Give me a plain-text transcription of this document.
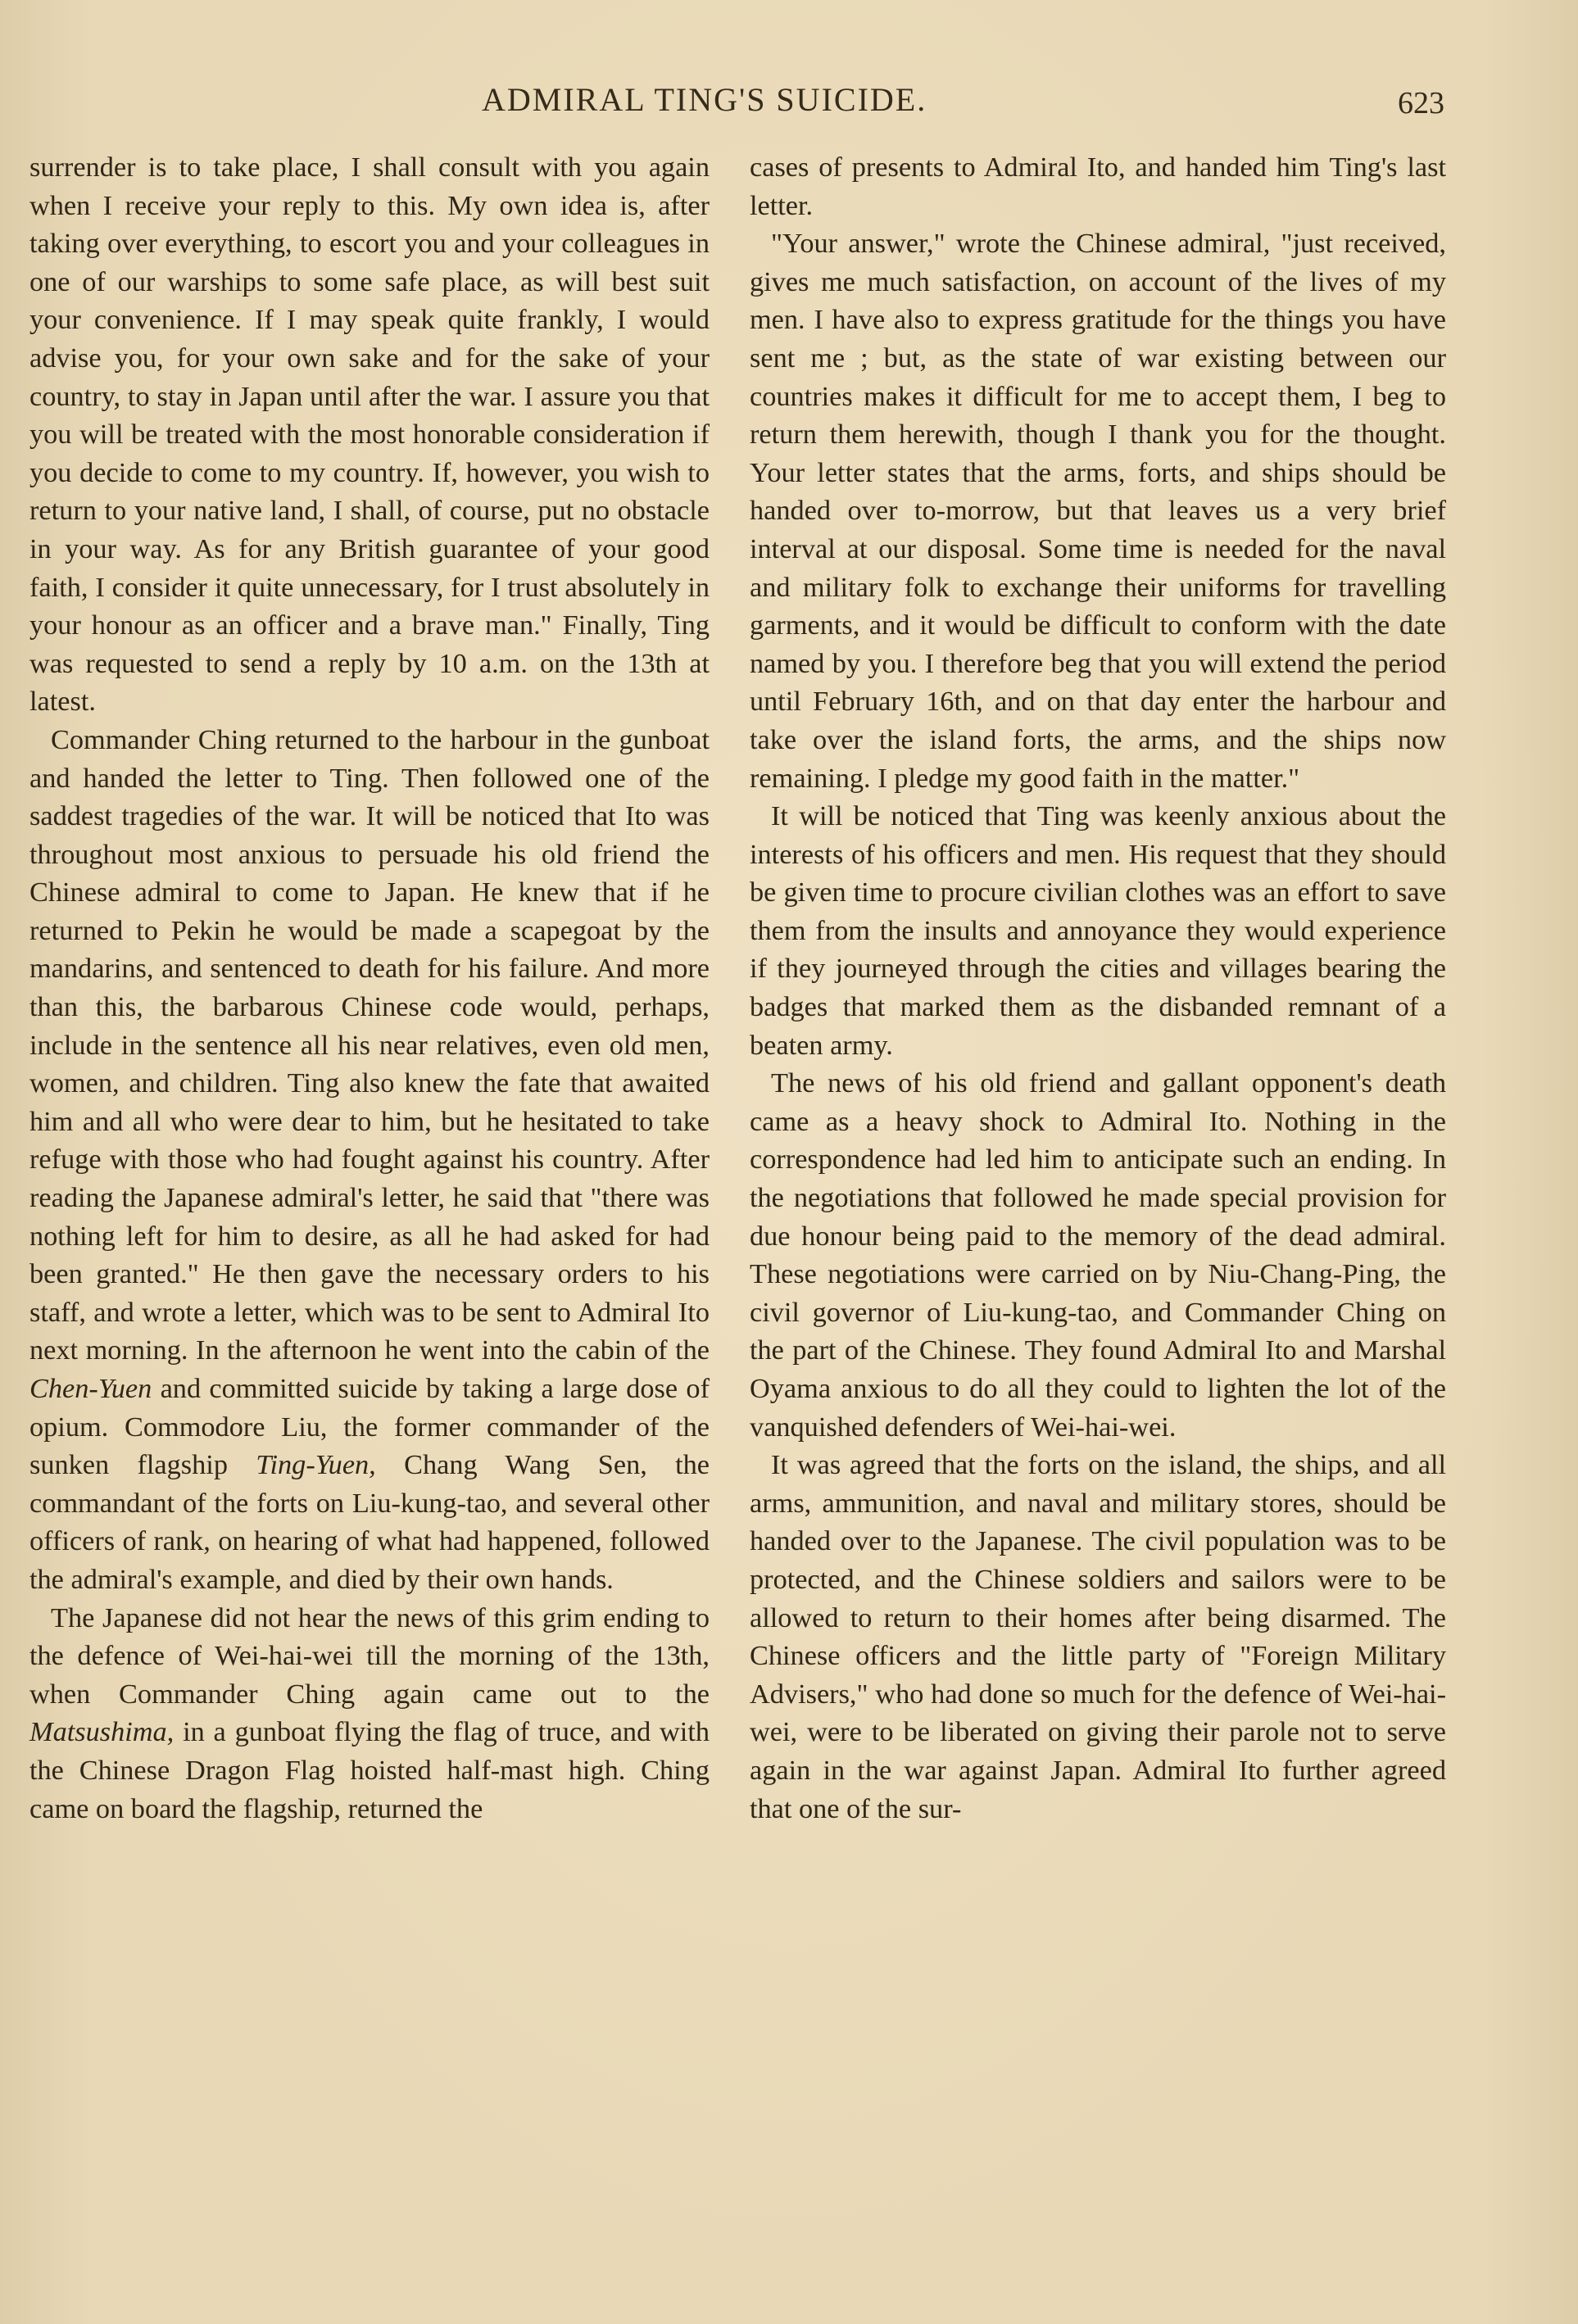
ADMIRAL TING'S SUICIDE.	623

surrender is to take place, I shall consult with you again when I receive your reply to this. My own idea is, after taking over everything, to escort you and your colleagues in one of our warships to some safe place, as will best suit your convenience. If I may speak quite frankly, I would advise you, for your own sake and for the sake of your country, to stay in Japan until after the war. I assure you that you will be treated with the most honorable consideration if you decide to come to my country. If, however, you wish to return to your native land, I shall, of course, put no obstacle in your way. As for any British guarantee of your good faith, I consider it quite unnecessary, for I trust absolutely in your honour as an officer and a brave man." Finally, Ting was requested to send a reply by 10 a.m. on the 13th at latest.

Commander Ching returned to the harbour in the gunboat and handed the letter to Ting. Then followed one of the saddest tragedies of the war. It will be noticed that Ito was throughout most anxious to persuade his old friend the Chinese admiral to come to Japan. He knew that if he returned to Pekin he would be made a scapegoat by the mandarins, and sentenced to death for his failure. And more than this, the barbarous Chinese code would, perhaps, include in the sentence all his near relatives, even old men, women, and children. Ting also knew the fate that awaited him and all who were dear to him, but he hesitated to take refuge with those who had fought against his country. After reading the Japanese admiral's letter, he said that "there was nothing left for him to desire, as all he had asked for had been granted." He then gave the necessary orders to his staff, and wrote a letter, which was to be sent to Admiral Ito next morning. In the afternoon he went into the cabin of the Chen-Yuen and committed suicide by taking a large dose of opium. Commodore Liu, the former commander of the sunken flagship Ting-Yuen, Chang Wang Sen, the commandant of the forts on Liu-kung-tao, and several other officers of rank, on hearing of what had happened, followed the admiral's example, and died by their own hands.

The Japanese did not hear the news of this grim ending to the defence of Wei-hai-wei till the morning of the 13th, when Commander Ching again came out to the Matsushima, in a gunboat flying the flag of truce, and with the Chinese Dragon Flag hoisted half-mast high. Ching came on board the flagship, returned the

cases of presents to Admiral Ito, and handed him Ting's last letter.

"Your answer," wrote the Chinese admiral, "just received, gives me much satisfaction, on account of the lives of my men. I have also to express gratitude for the things you have sent me ; but, as the state of war existing between our countries makes it difficult for me to accept them, I beg to return them herewith, though I thank you for the thought. Your letter states that the arms, forts, and ships should be handed over to-morrow, but that leaves us a very brief interval at our disposal. Some time is needed for the naval and military folk to exchange their uniforms for travelling garments, and it would be difficult to conform with the date named by you. I therefore beg that you will extend the period until February 16th, and on that day enter the harbour and take over the island forts, the arms, and the ships now remaining. I pledge my good faith in the matter."

It will be noticed that Ting was keenly anxious about the interests of his officers and men. His request that they should be given time to procure civilian clothes was an effort to save them from the insults and annoyance they would experience if they journeyed through the cities and villages bearing the badges that marked them as the disbanded remnant of a beaten army.

The news of his old friend and gallant opponent's death came as a heavy shock to Admiral Ito. Nothing in the correspondence had led him to anticipate such an ending. In the negotiations that followed he made special provision for due honour being paid to the memory of the dead admiral. These negotiations were carried on by Niu-Chang-Ping, the civil governor of Liu-kung-tao, and Commander Ching on the part of the Chinese. They found Admiral Ito and Marshal Oyama anxious to do all they could to lighten the lot of the vanquished defenders of Wei-hai-wei.

It was agreed that the forts on the island, the ships, and all arms, ammunition, and naval and military stores, should be handed over to the Japanese. The civil population was to be protected, and the Chinese soldiers and sailors were to be allowed to return to their homes after being disarmed. The Chinese officers and the little party of "Foreign Military Advisers," who had done so much for the defence of Wei-hai-wei, were to be liberated on giving their parole not to serve again in the war against Japan. Admiral Ito further agreed that one of the sur-
